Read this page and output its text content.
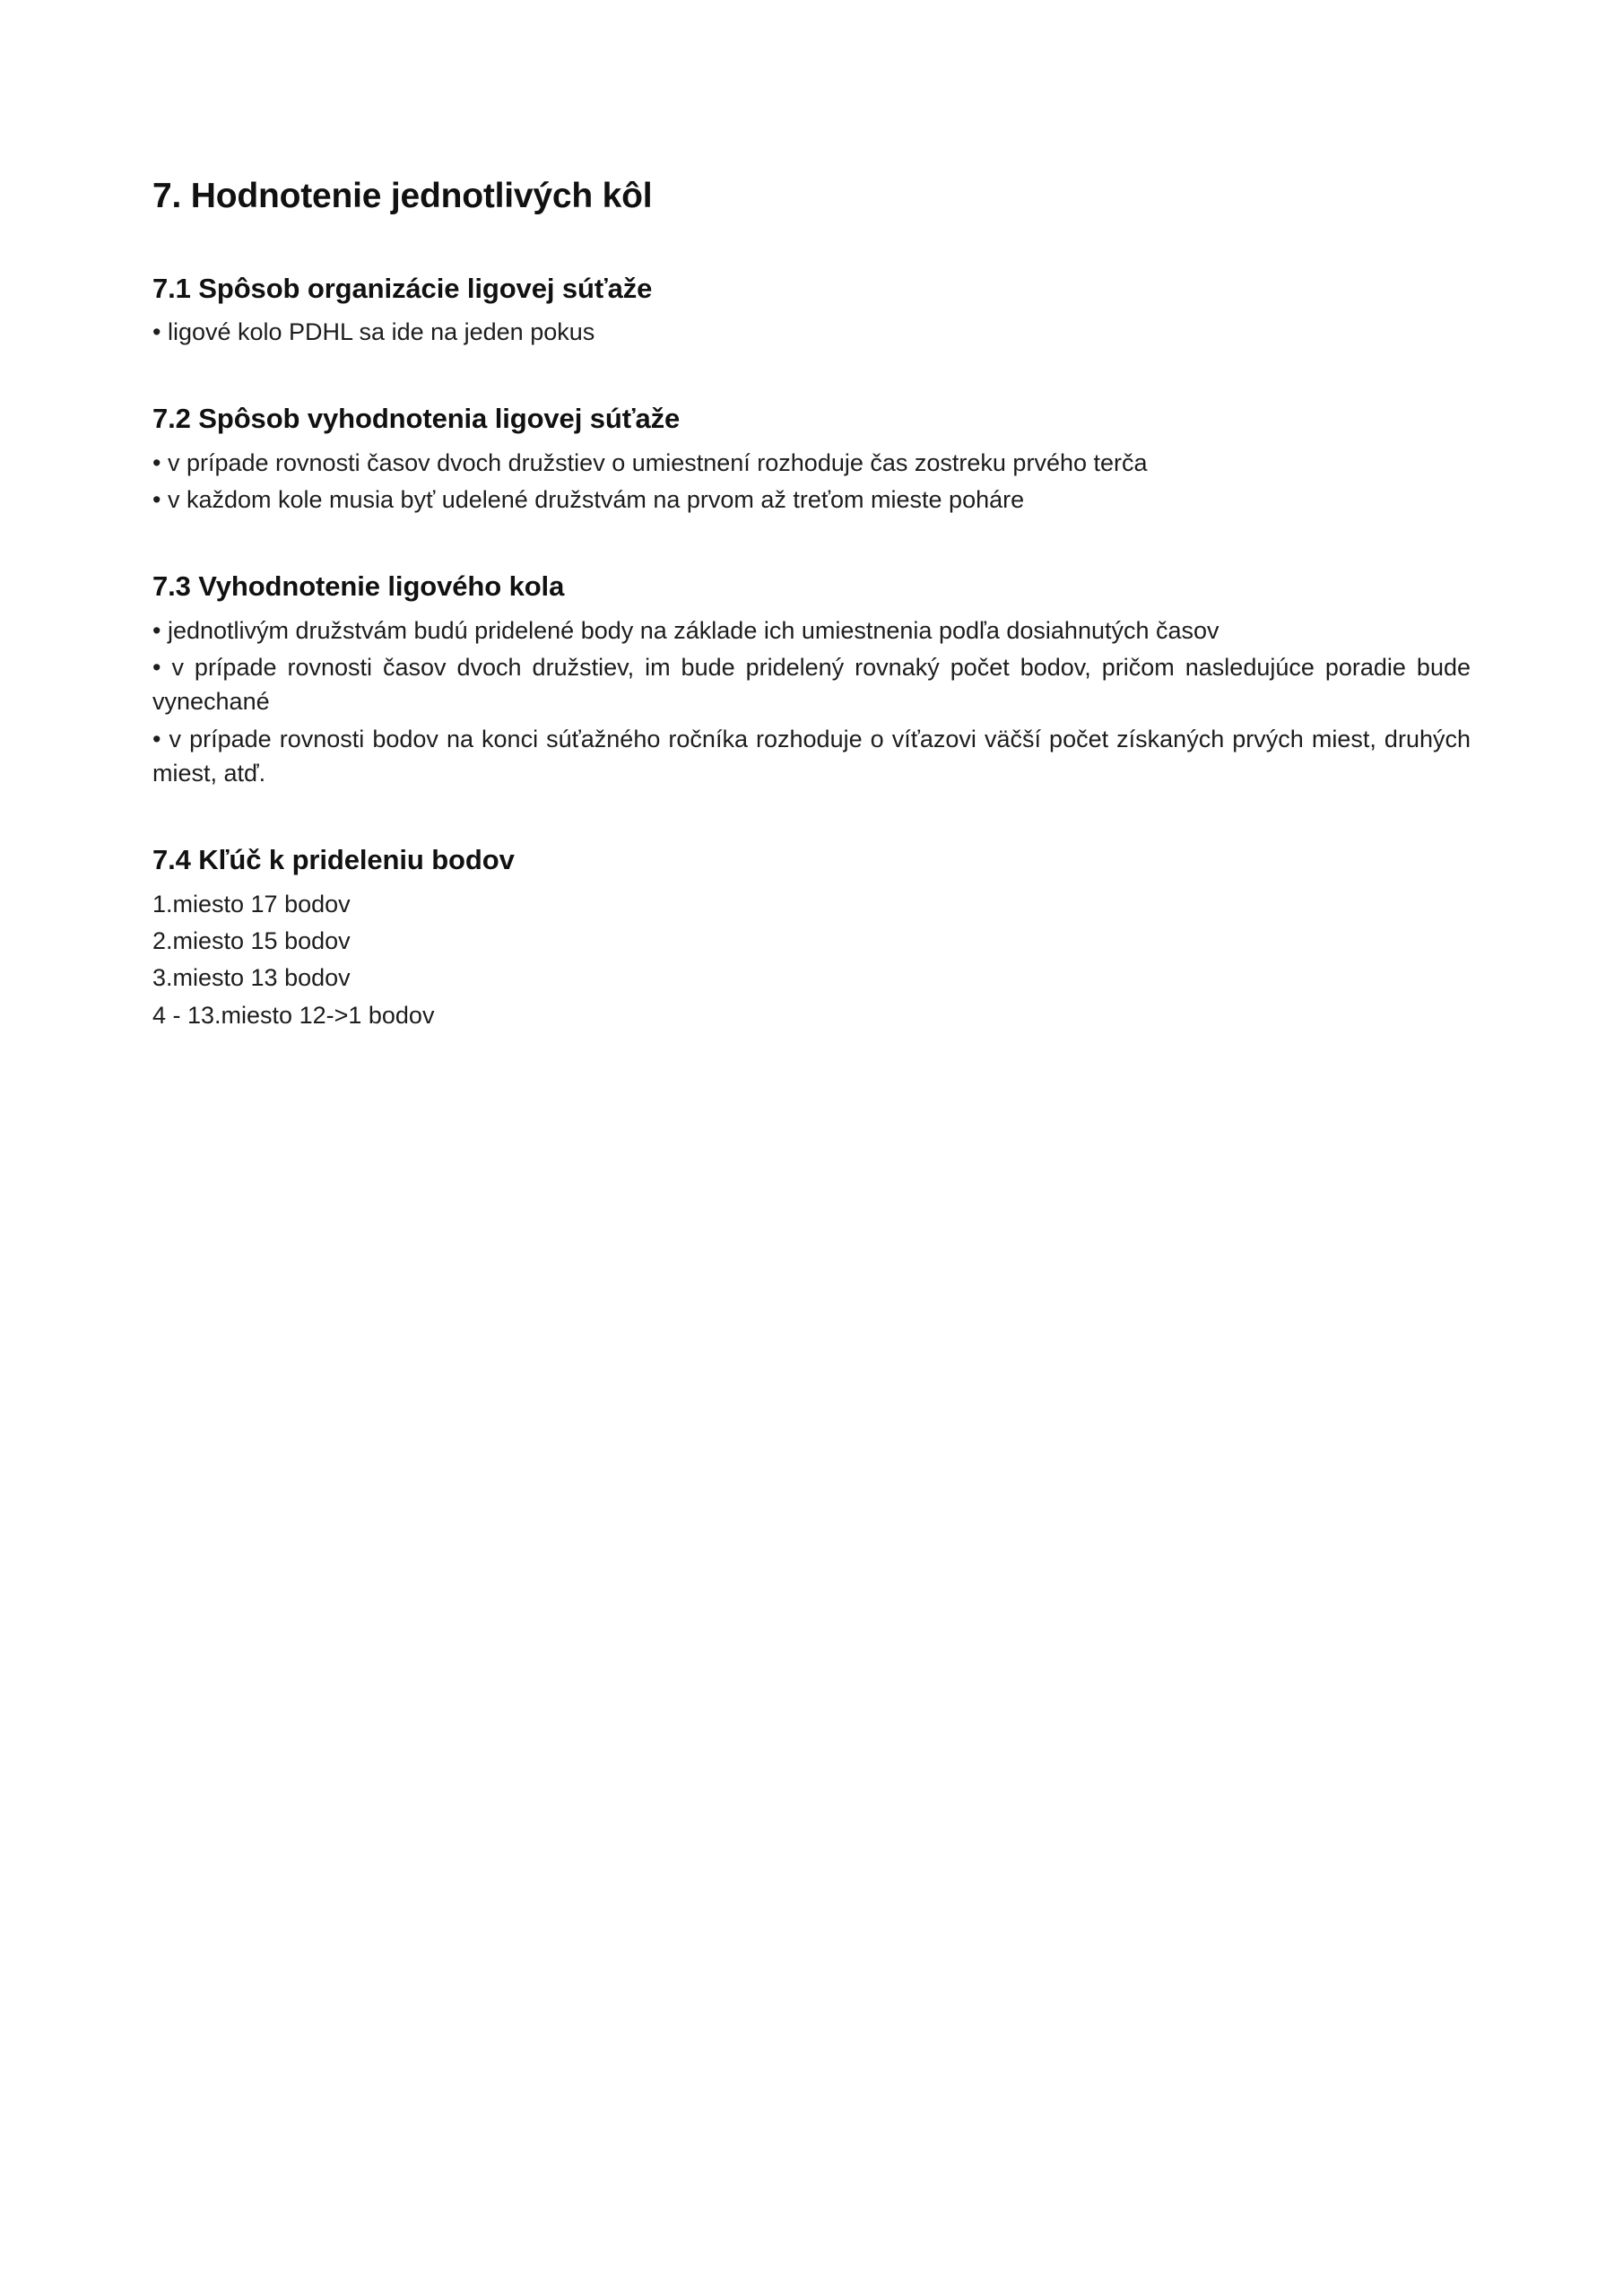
7. Hodnotenie jednotlivých kôl
7.1 Spôsob organizácie ligovej súťaže

• ligové kolo PDHL sa ide na jeden pokus

7.2 Spôsob vyhodnotenia ligovej súťaže

• v prípade rovnosti časov dvoch družstiev o umiestnení rozhoduje čas zostreku prvého terča

• v každom kole musia byť udelené družstvám na prvom až treťom mieste poháre

7.3 Vyhodnotenie ligového kola

• jednotlivým družstvám budú pridelené body na základe ich umiestnenia podľa dosiahnutých časov

• v prípade rovnosti časov dvoch družstiev, im bude pridelený rovnaký počet bodov, pričom nasledujúce poradie bude vynechané

• v prípade rovnosti bodov na konci súťažného ročníka rozhoduje o víťazovi väčší počet získaných prvých miest, druhých miest, atď.

7.4 Kľúč k prideleniu bodov

1.miesto 17 bodov

2.miesto 15 bodov

3.miesto 13 bodov

4 - 13.miesto 12->1 bodov
